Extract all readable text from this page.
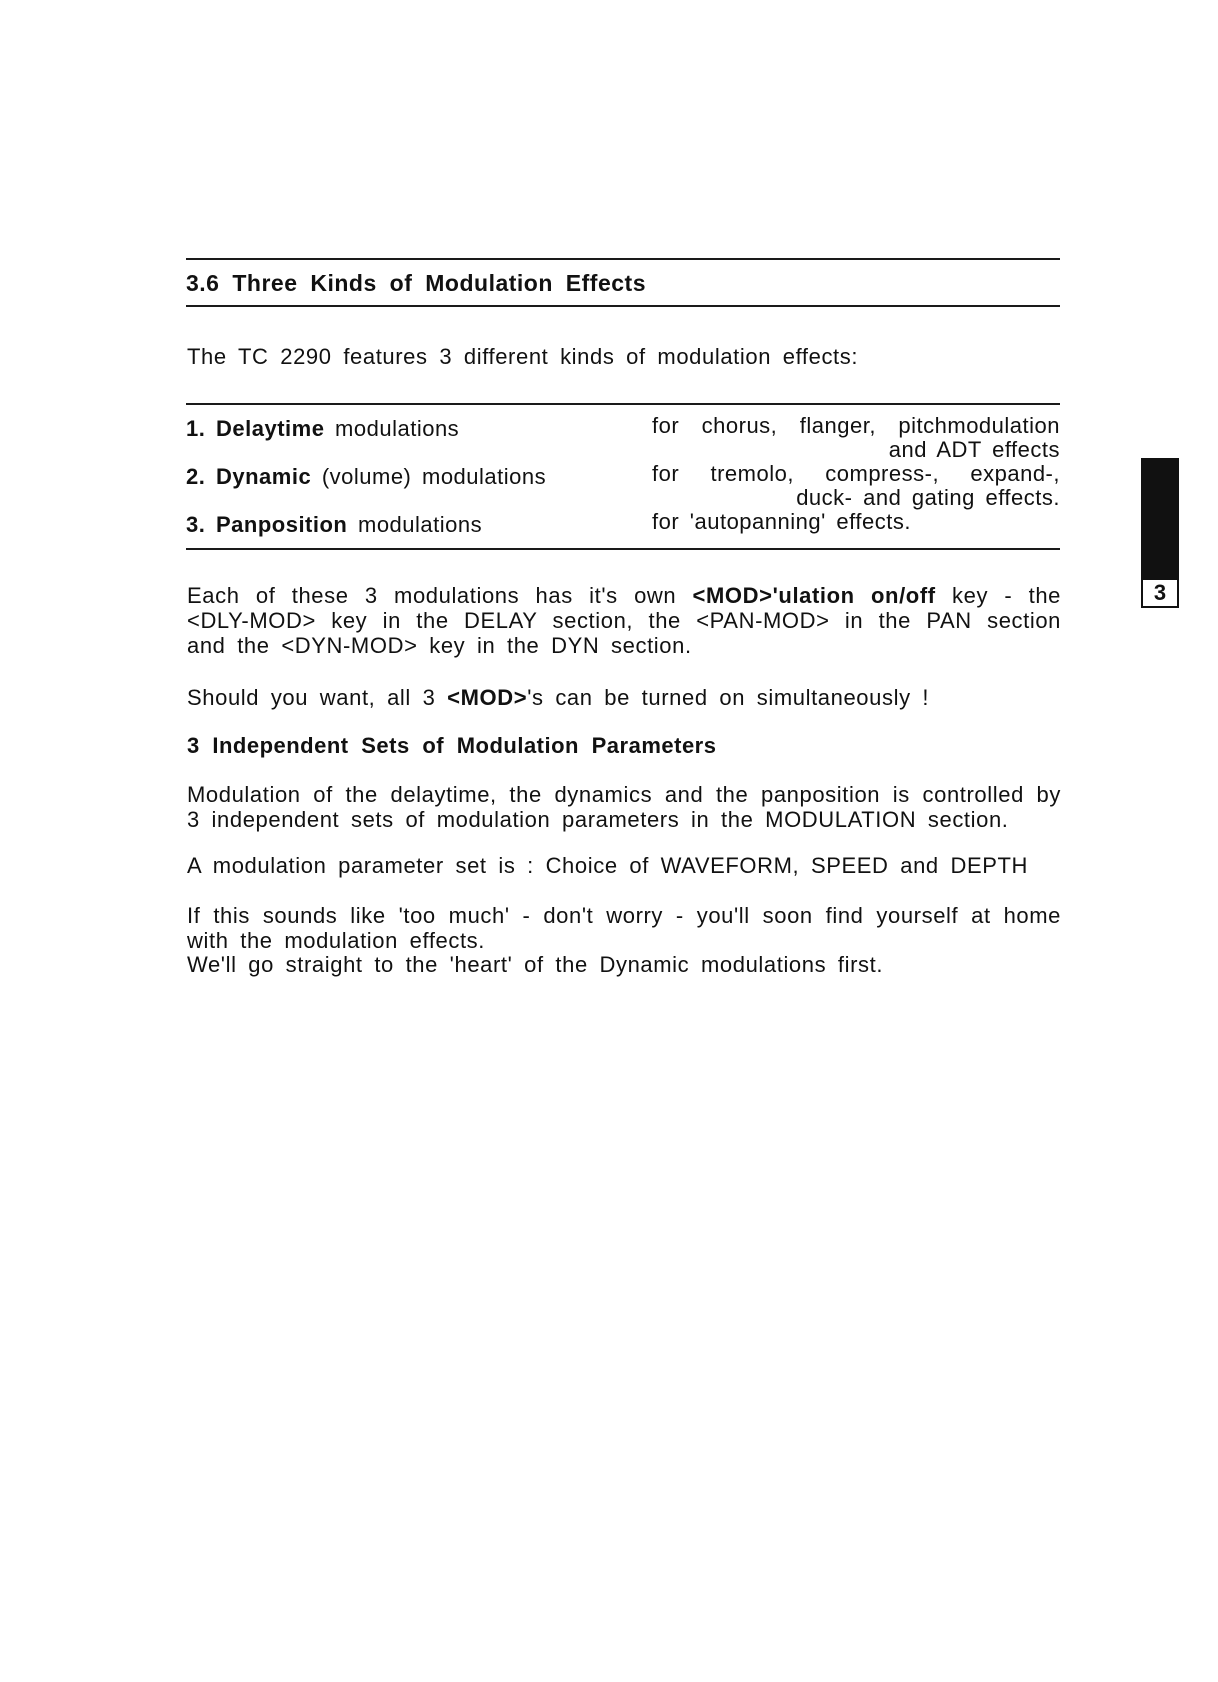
3.6 Three Kinds of Modulation Effects
The TC 2290 features 3 different kinds of modulation effects:
1. Delaytime modulations	for chorus, flanger, pitchmodulation
and ADT effects
2. Dynamic (volume) modulations	for tremolo, compress-, expand-,
duck- and gating effects.
3. Panposition modulations	for 'autopanning' effects.
Each of these 3 modulations has it's own <MOD>'ulation on/off key - the <DLY-MOD> key in the DELAY section, the <PAN-MOD> in the PAN section and the <DYN-MOD> key in the DYN section.
Should you want, all 3 <MOD>'s can be turned on simultaneously !
3 Independent Sets of Modulation Parameters
Modulation of the delaytime, the dynamics and the panposition is controlled by 3 independent sets of modulation parameters in the MODULATION section.
A modulation parameter set is : Choice of WAVEFORM, SPEED and DEPTH
If this sounds like 'too much' - don't worry - you'll soon find yourself at home with the modulation effects.
We'll go straight to the 'heart' of the Dynamic modulations first.
3
